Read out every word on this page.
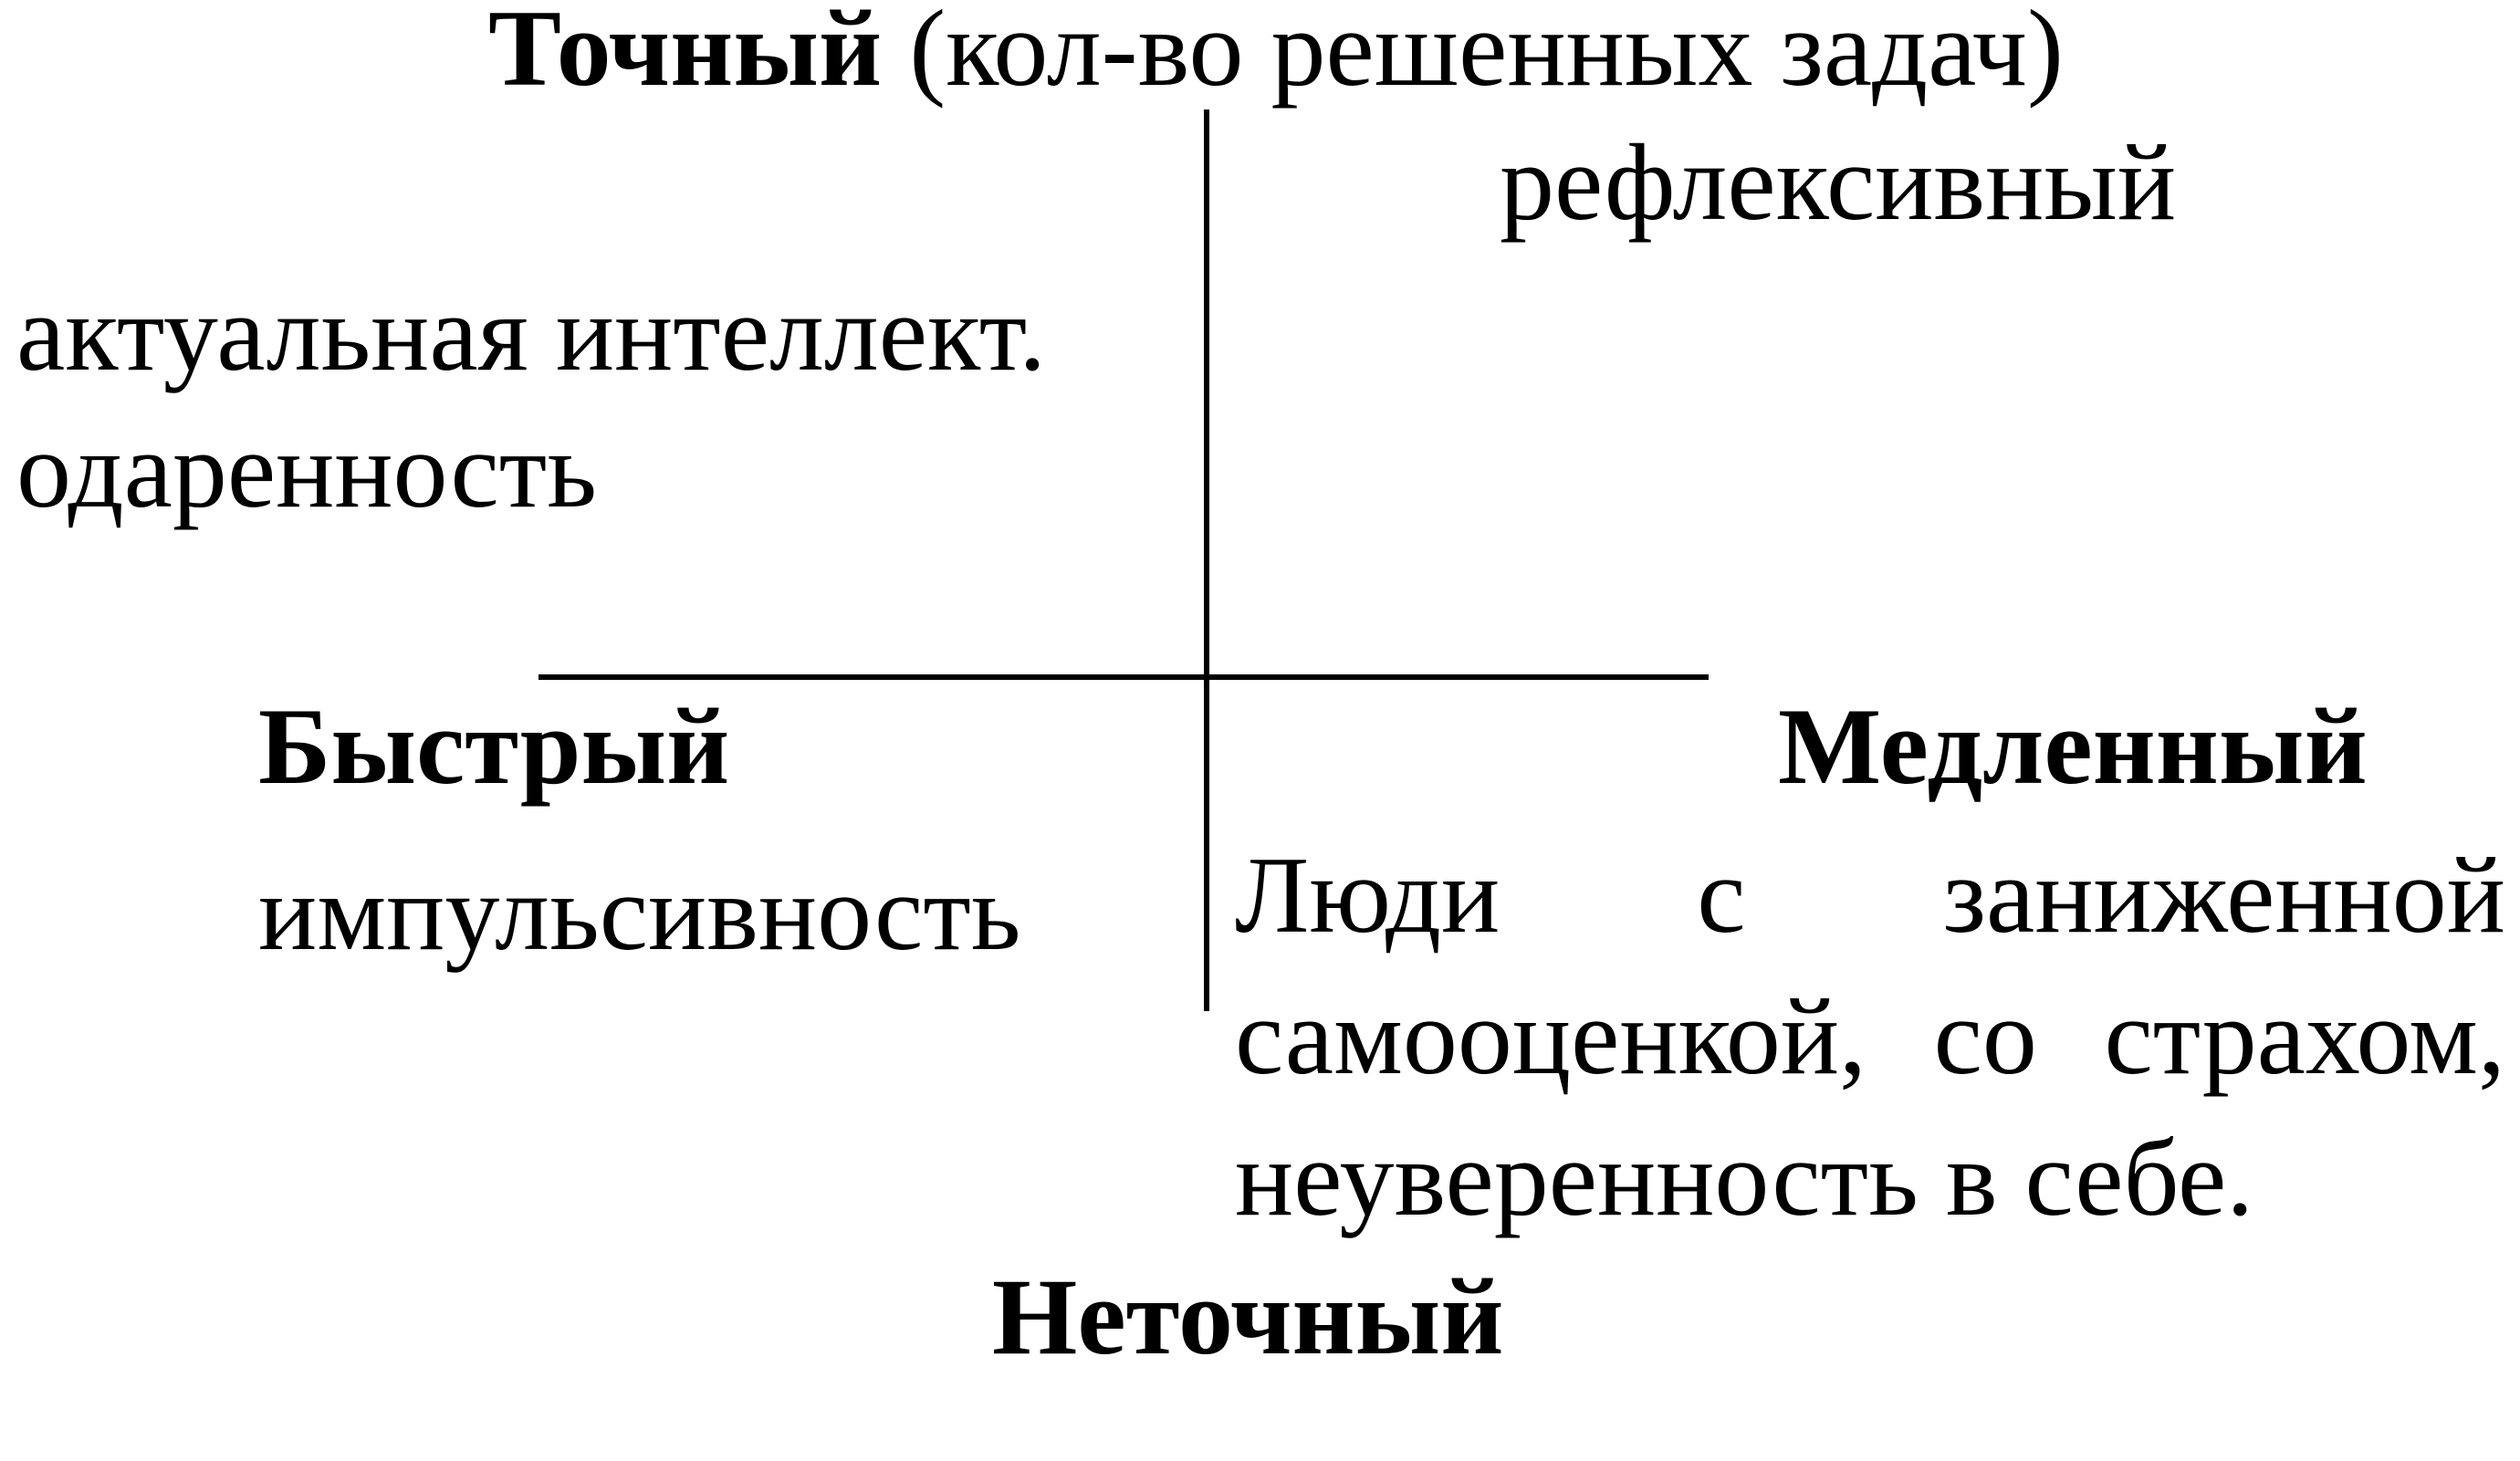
Точный (кол-во решенных задач)
рефлексивный
актуальная интеллект.
одаренность
Быстрый	Медленный
импульсивность Люди с заниженной
самооценкой, со страхом,
неуверенность в себе.
Неточный
